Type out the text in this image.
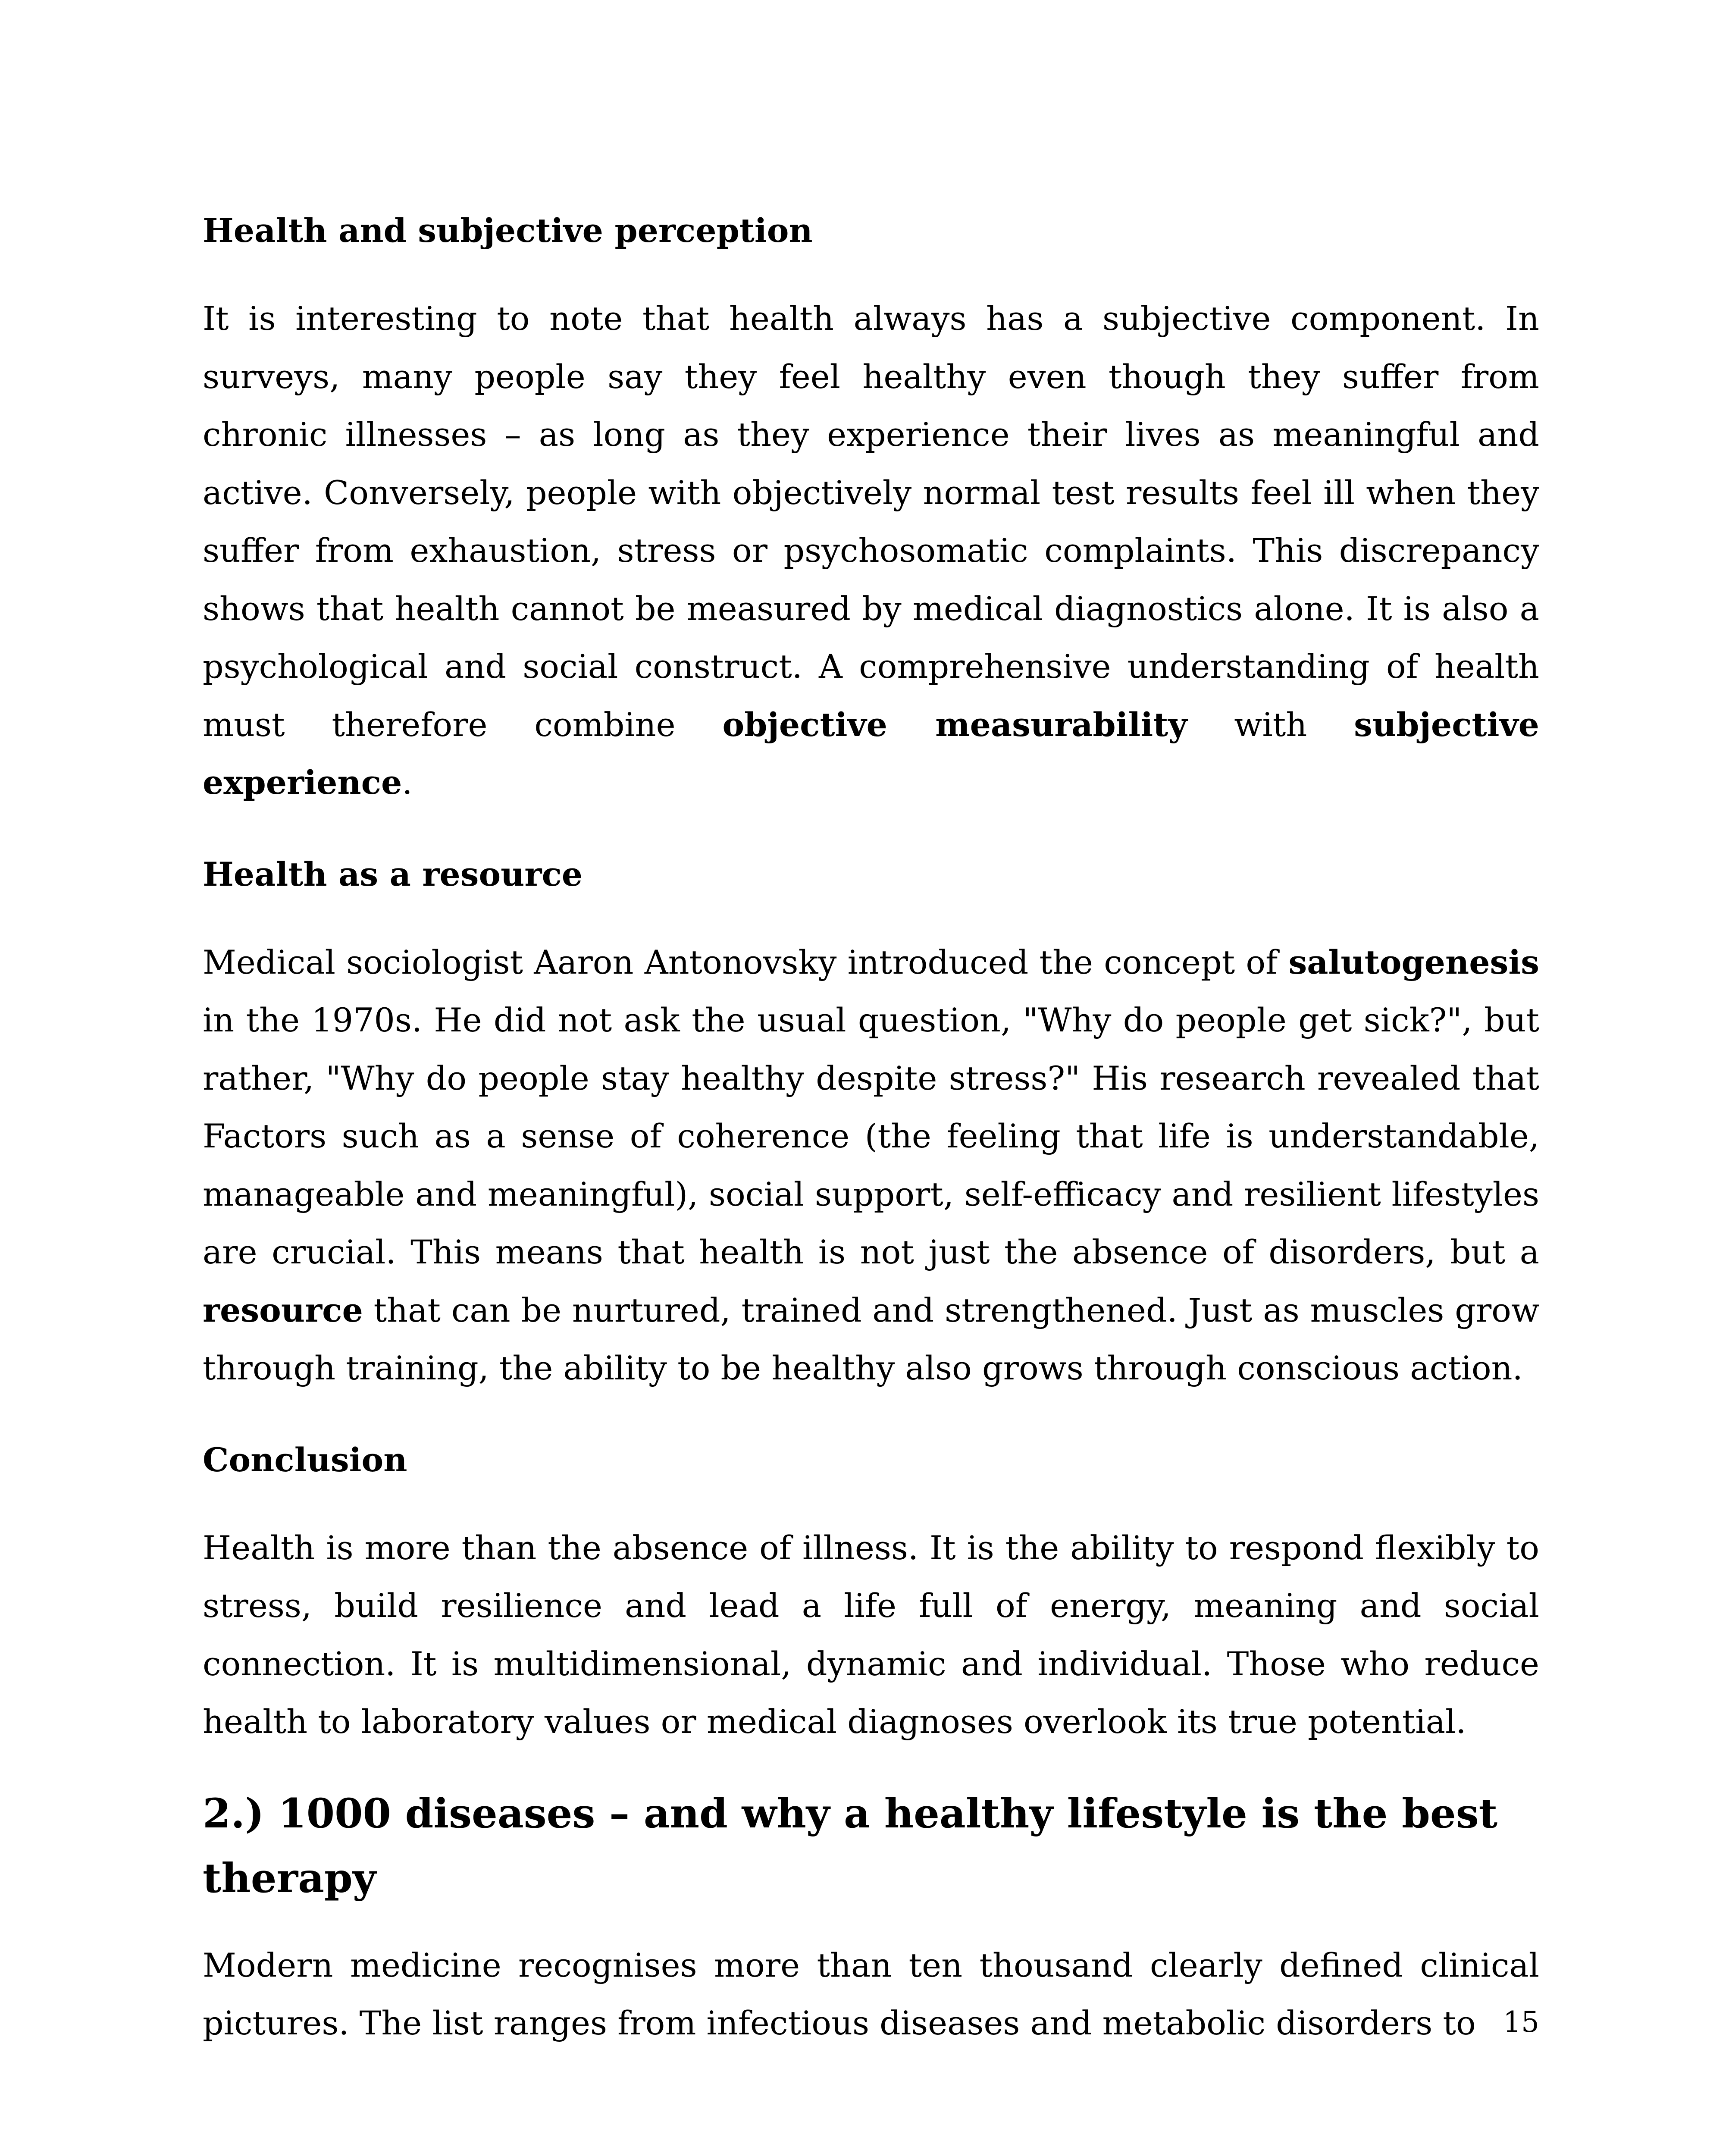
Health and subjective perception

It is interesting to note that health always has a subjective component. In surveys, many people say they feel healthy even though they suffer from chronic illnesses – as long as they experience their lives as meaningful and active. Conversely, people with objectively normal test results feel ill when they suffer from exhaustion, stress or psychosomatic complaints. This discrepancy shows that health cannot be measured by medical diagnostics alone. It is also a psychological and social construct. A comprehensive understanding of health must therefore combine objective measurability with subjective experience.

Health as a resource

Medical sociologist Aaron Antonovsky introduced the concept of salutogenesis in the 1970s. He did not ask the usual question, "Why do people get sick?", but rather, "Why do people stay healthy despite stress?" His research revealed that Factors such as a sense of coherence (the feeling that life is understandable, manageable and meaningful), social support, self-efficacy and resilient lifestyles are crucial. This means that health is not just the absence of disorders, but a resource that can be nurtured, trained and strengthened. Just as muscles grow through training, the ability to be healthy also grows through conscious action.

Conclusion

Health is more than the absence of illness. It is the ability to respond flexibly to stress, build resilience and lead a life full of energy, meaning and social connection. It is multidimensional, dynamic and individual. Those who reduce health to laboratory values or medical diagnoses overlook its true potential.

2.) 1000 diseases – and why a healthy lifestyle is the best therapy

Modern medicine recognises more than ten thousand clearly defined clinical pictures. The list ranges from infectious diseases and metabolic disorders to 15
